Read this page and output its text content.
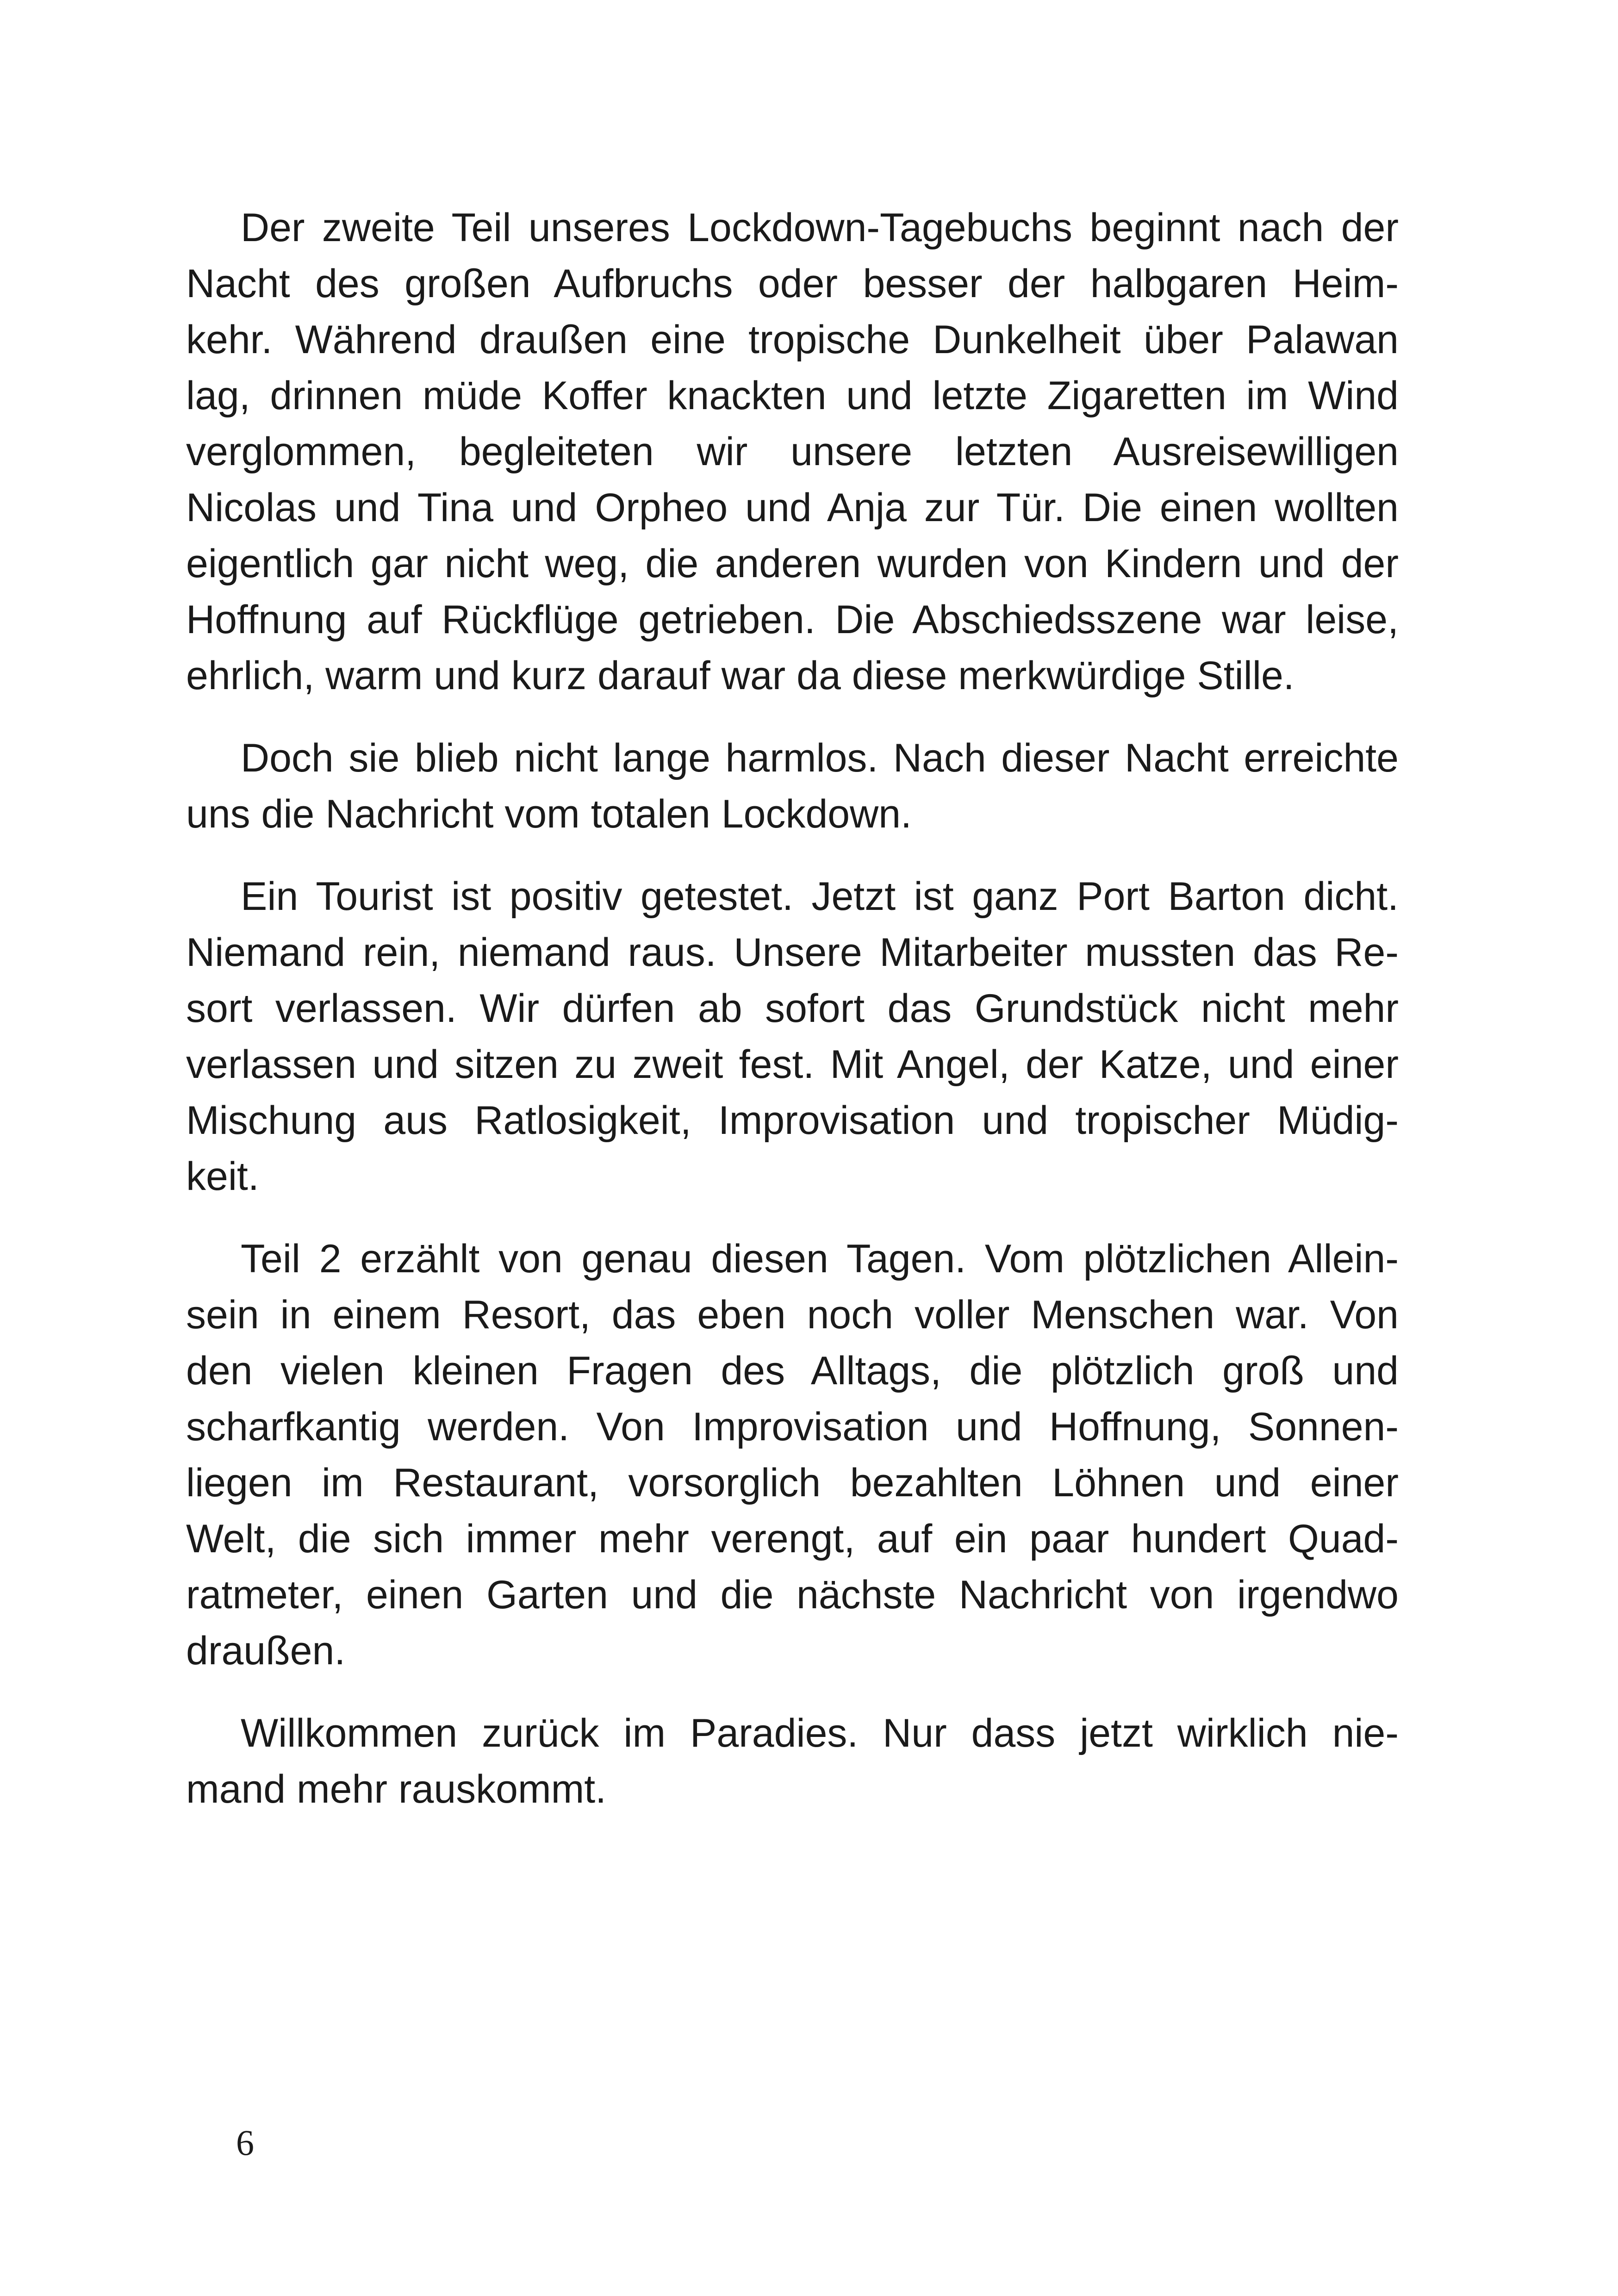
Der zweite Teil unseres Lockdown-Tagebuchs beginnt nach der
Nacht des großen Aufbruchs oder besser der halbgaren Heim-
kehr. Während draußen eine tropische Dunkelheit über Palawan
lag, drinnen müde Koffer knackten und letzte Zigaretten im Wind
verglommen, begleiteten wir unsere letzten Ausreisewilligen
Nicolas und Tina und Orpheo und Anja zur Tür. Die einen wollten
eigentlich gar nicht weg, die anderen wurden von Kindern und der
Hoffnung auf Rückflüge getrieben. Die Abschiedsszene war leise,
ehrlich, warm und kurz darauf war da diese merkwürdige Stille.
Doch sie blieb nicht lange harmlos. Nach dieser Nacht erreichte
uns die Nachricht vom totalen Lockdown.
Ein Tourist ist positiv getestet. Jetzt ist ganz Port Barton dicht.
Niemand rein, niemand raus. Unsere Mitarbeiter mussten das Re-
sort verlassen. Wir dürfen ab sofort das Grundstück nicht mehr
verlassen und sitzen zu zweit fest. Mit Angel, der Katze, und einer
Mischung aus Ratlosigkeit, Improvisation und tropischer Müdig-
keit.
Teil 2 erzählt von genau diesen Tagen. Vom plötzlichen Allein-
sein in einem Resort, das eben noch voller Menschen war. Von
den vielen kleinen Fragen des Alltags, die plötzlich groß und
scharfkantig werden. Von Improvisation und Hoffnung, Sonnen-
liegen im Restaurant, vorsorglich bezahlten Löhnen und einer
Welt, die sich immer mehr verengt, auf ein paar hundert Quad-
ratmeter, einen Garten und die nächste Nachricht von irgendwo
draußen.
Willkommen zurück im Paradies. Nur dass jetzt wirklich nie-
mand mehr rauskommt.
6
